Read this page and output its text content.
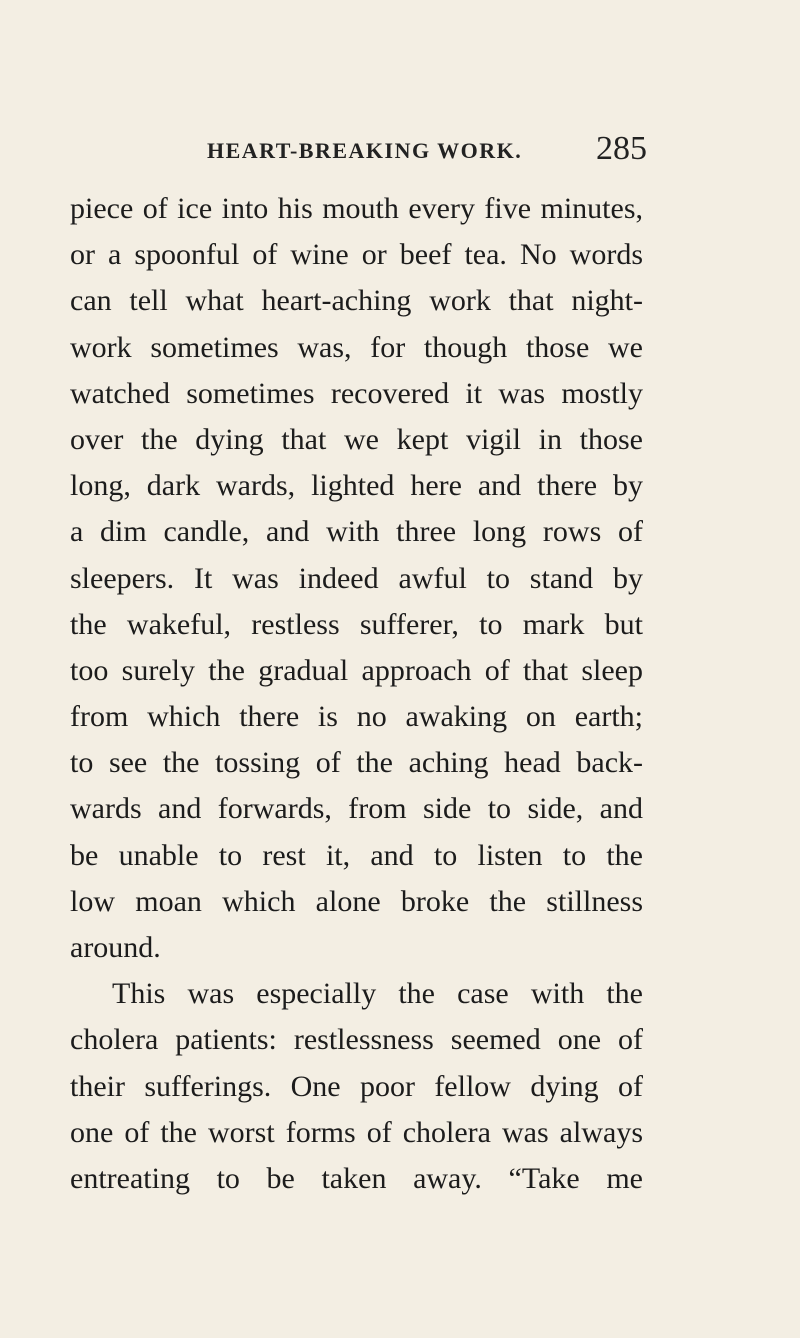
HEART-BREAKING WORK. 285
piece of ice into his mouth every five minutes,
or a spoonful of wine or beef tea. No words
can tell what heart-aching work that night-
work sometimes was, for though those we
watched sometimes recovered it was mostly
over the dying that we kept vigil in those
long, dark wards, lighted here and there by
a dim candle, and with three long rows of
sleepers. It was indeed awful to stand by
the wakeful, restless sufferer, to mark but
too surely the gradual approach of that sleep
from which there is no awaking on earth;
to see the tossing of the aching head back-
wards and forwards, from side to side, and
be unable to rest it, and to listen to the
low moan which alone broke the stillness
around.
This was especially the case with the
cholera patients: restlessness seemed one of
their sufferings. One poor fellow dying of
one of the worst forms of cholera was always
entreating to be taken away. “Take me
